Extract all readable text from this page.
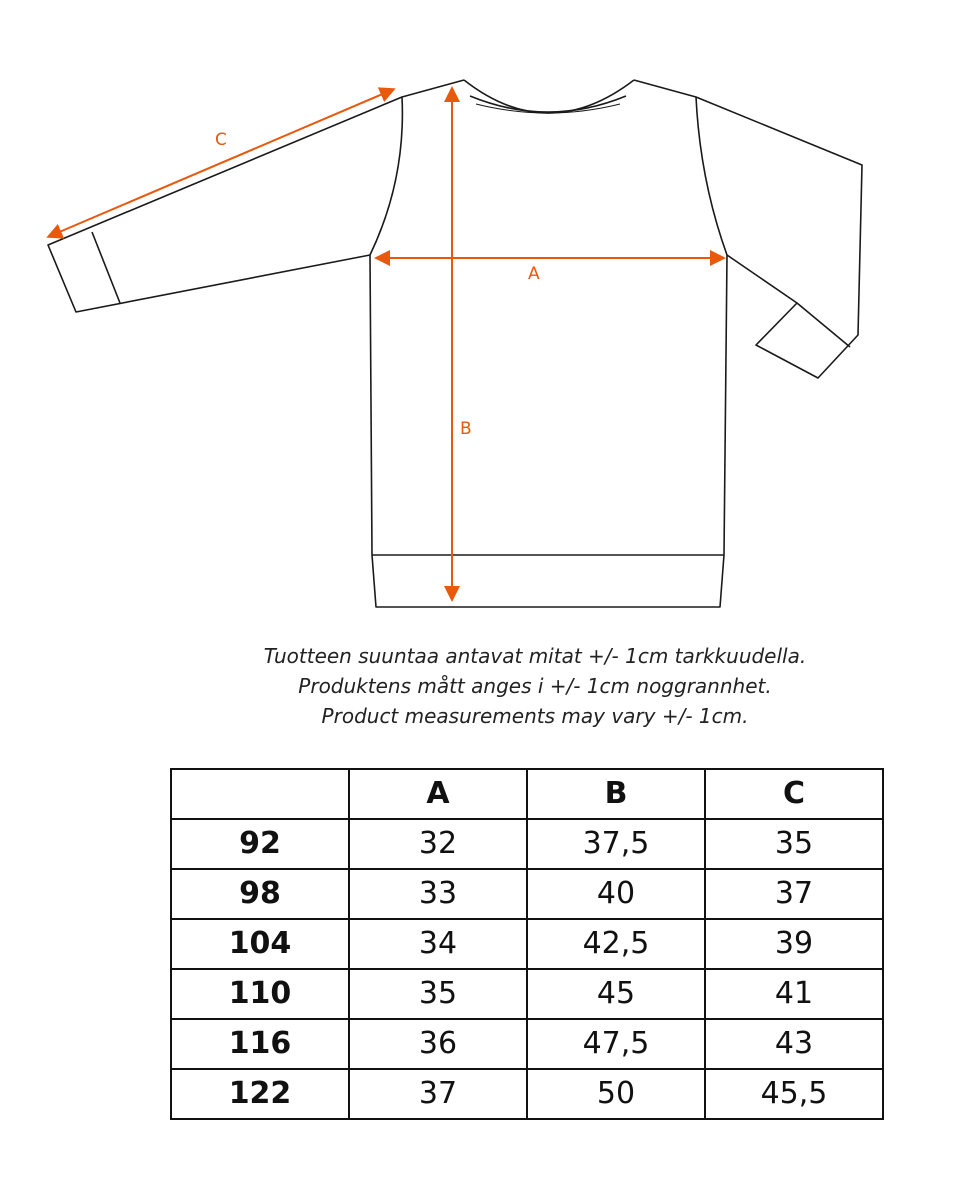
A
B
C
Tuotteen suuntaa antavat mitat +/- 1cm tarkkuudella.
Produktens mått anges i +/- 1cm noggrannhet.
Product measurements may vary +/- 1cm.
	A	B	C
92	32	37,5	35
98	33	40	37
104	34	42,5	39
110	35	45	41
116	36	47,5	43
122	37	50	45,5
